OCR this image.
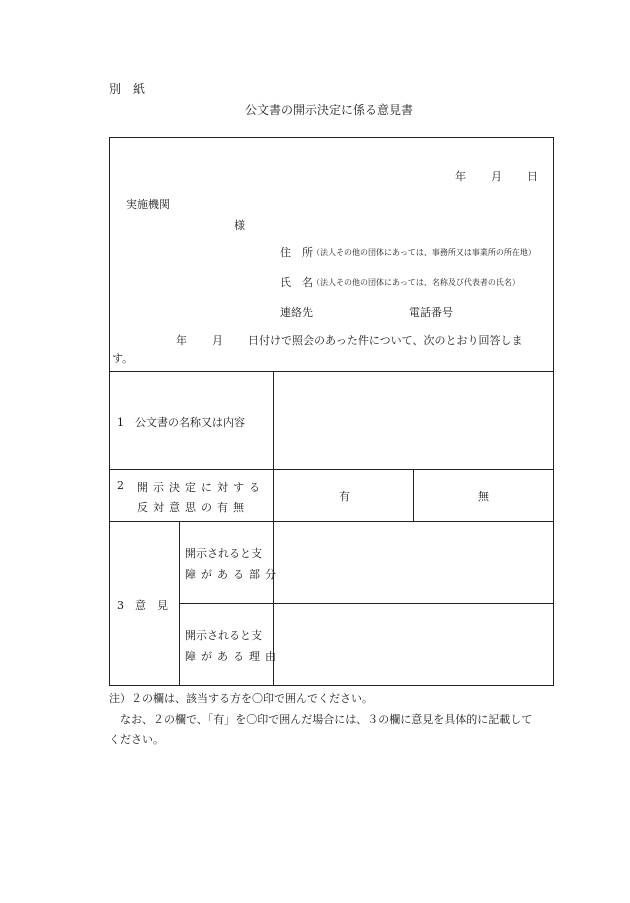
別　紙
公文書の開示決定に係る意見書
年 月 日
実施機関
様
住　所 （法人その他の団体にあっては、事務所又は事業所の所在地）
氏　名 （法人その他の団体にあっては、名称及び代表者の氏名）
連絡先	電話番号
年 月 日付けで照会のあった件について、次のとおり回答しま
す。
1　公文書の名称又は内容
2 開示決定に対する
反対意思の有無
有	無
3　意　見
開示されると支
障がある部分
開示されると支
障がある理由
注）２の欄は、該当する方を〇印で囲んでください。
　なお、２の欄で、「有」を〇印で囲んだ場合には、３の欄に意見を具体的に記載して
ください。
